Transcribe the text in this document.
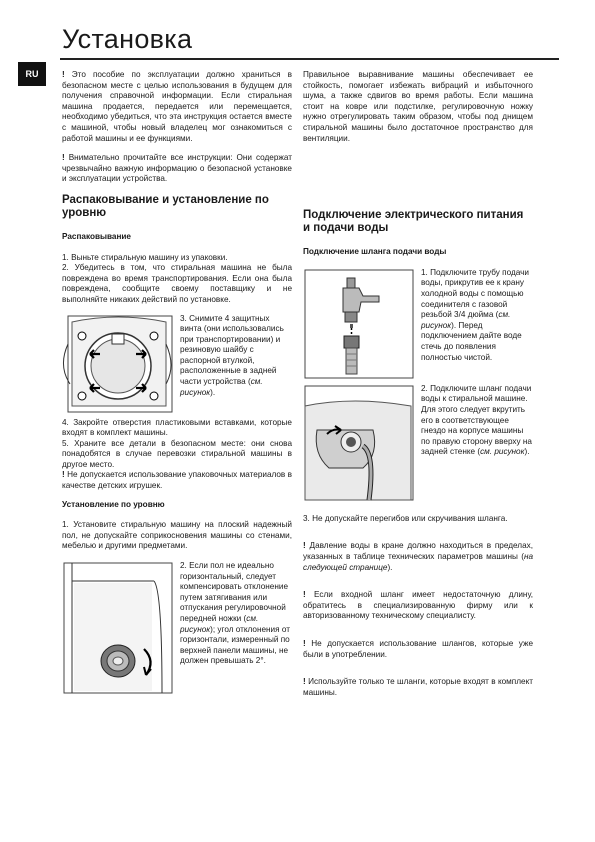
Установка
RU	! Это пособие по эксплуатации должно храниться в безопасном месте с целью использования в будущем для получения справочной информации. Если стиральная машина продается, передается или перемещается, необходимо убедиться, что эта инструкция остается вместе с машиной, чтобы новый владелец мог ознакомиться с работой машины и ее функциями.

! Внимательно прочитайте все инструкции: Они содержат чрезвычайно важную информацию о безопасной установке и эксплуатации устройства.

Распаковывание и установление по уровню
Распаковывание

1. Выньте стиральную машину из упаковки.

2. Убедитесь в том, что стиральная машина не была повреждена во время транспортирования. Если она была повреждена, сообщите своему поставщику и не выполняйте никаких действий по установке.

3. Снимите 4 защитных винта (они использовались при транспортировании) и резиновую шайбу с распорной втулкой, расположенные в задней части устройства (см. рисунок).

4. Закройте отверстия пластиковыми вставками, которые входят в комплект машины.

5. Храните все детали в безопасном месте: они снова понадобятся в случае перевозки стиральной машины в другое место.

! Не допускается использование упаковочных материалов в качестве детских игрушек.

Установление по уровню

1. Установите стиральную машину на плоский надежный пол, не допускайте соприкосновения машины со стенами, мебелью и другими предметами.

2. Если пол не идеально горизонтальный, следует компенсировать отклонение путем затягивания или отпускания регулировочной передней ножки (см. рисунок); угол отклонения от горизонтали, измеренный по верхней панели машины, не должен превышать 2°.

Правильное выравнивание машины обеспечивает ее стойкость, помогает избежать вибраций и избыточного шума, а также сдвигов во время работы. Если машина стоит на ковре или подстилке, регулировочную ножку нужно отрегулировать таким образом, чтобы под днищем стиральной машины было достаточное пространство для вентиляции.

Подключение электрического питания и подачи воды
Подключение шланга подачи воды

1. Подключите трубу подачи воды, прикрутив ее к крану холодной воды с помощью соединителя с газовой резьбой 3/4 дюйма (см. рисунок). Перед подключением дайте воде стечь до появления полностью чистой.

2. Подключите шланг подачи воды к стиральной машине. Для этого следует вкрутить его в соответствующее гнездо на корпусе машины по правую сторону вверху на задней стенке (см. рисунок).

3. Не допускайте перегибов или скручивания шланга.

! Давление воды в кране должно находиться в пределах, указанных в таблице технических параметров машины (на следующей странице).

! Если входной шланг имеет недостаточную длину, обратитесь в специализированную фирму или к авторизованному техническому специалисту.

! Не допускается использование шлангов, которые уже были в употреблении.

! Используйте только те шланги, которые входят в комплект машины.
